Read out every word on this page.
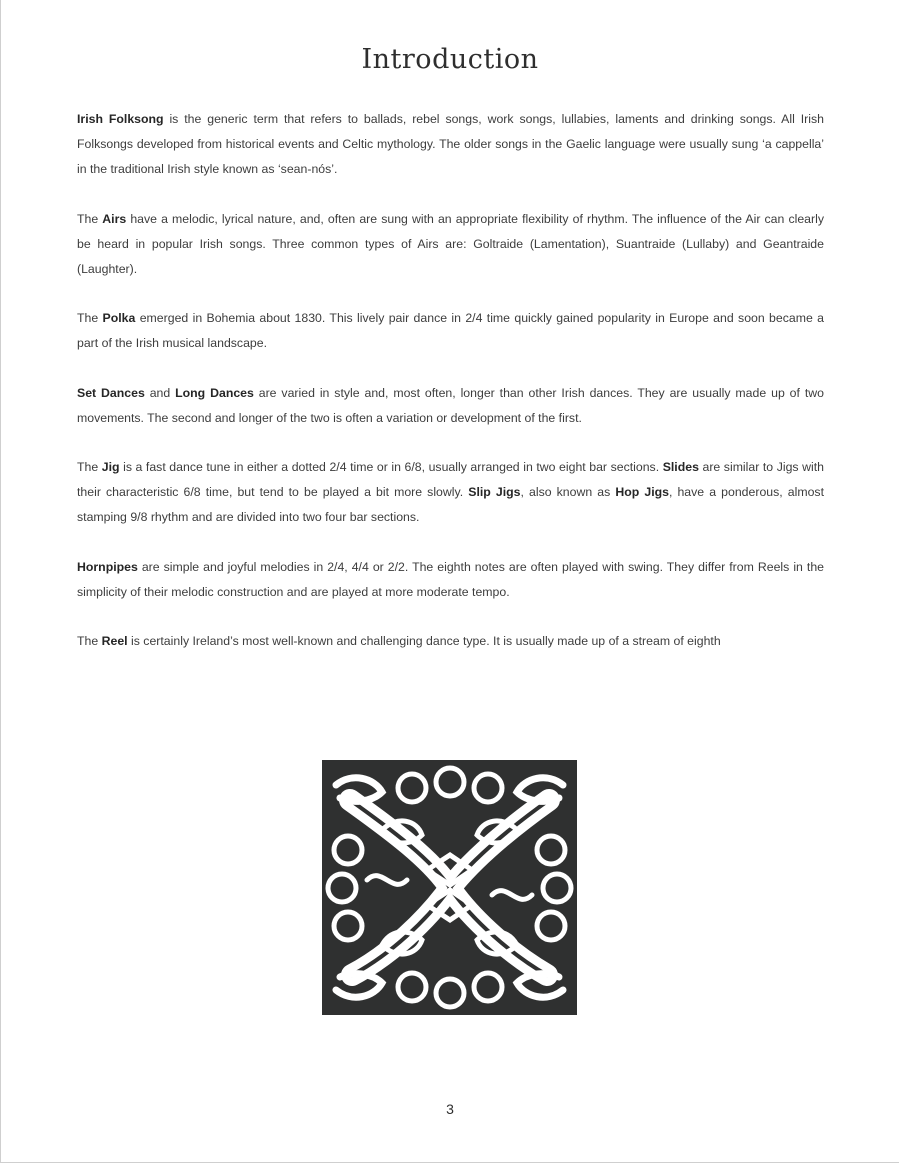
Introduction

Irish Folksong is the generic term that refers to ballads, rebel songs, work songs, lullabies, laments and drinking songs. All Irish Folksongs developed from historical events and Celtic mythology. The older songs in the Gaelic language were usually sung ‘a cappella’ in the traditional Irish style known as ‘sean-nós’.

The Airs have a melodic, lyrical nature, and, often are sung with an appropriate flexibility of rhythm. The influence of the Air can clearly be heard in popular Irish songs. Three common types of Airs are: Goltraide (Lamentation), Suantraide (Lullaby) and Geantraide (Laughter).

The Polka emerged in Bohemia about 1830. This lively pair dance in 2/4 time quickly gained popularity in Europe and soon became a part of the Irish musical landscape.

Set Dances and Long Dances are varied in style and, most often, longer than other Irish dances. They are usually made up of two movements. The second and longer of the two is often a variation or development of the first.

The Jig is a fast dance tune in either a dotted 2/4 time or in 6/8, usually arranged in two eight bar sections. Slides are similar to Jigs with their characteristic 6/8 time, but tend to be played a bit more slowly. Slip Jigs, also known as Hop Jigs, have a ponderous, almost stamping 9/8 rhythm and are divided into two four bar sections.

Hornpipes are simple and joyful melodies in 2/4, 4/4 or 2/2. The eighth notes are often played with swing. They differ from Reels in the simplicity of their melodic construction and are played at more moderate tempo.

The Reel is certainly Ireland’s most well-known and challenging dance type. It is usually made up of a stream of eighth

3
